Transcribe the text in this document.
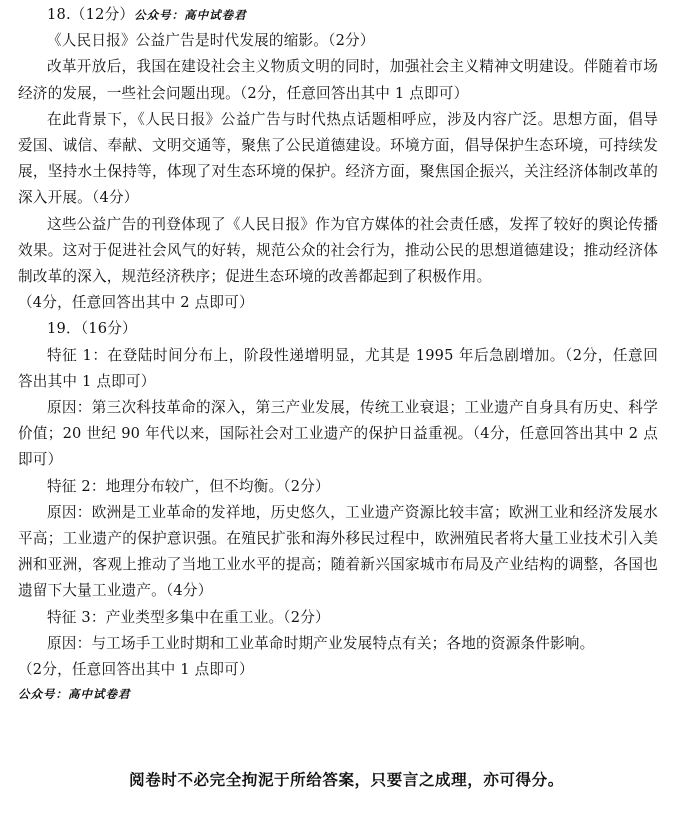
18.（12分）公众号：高中试卷君

《人民日报》公益广告是时代发展的缩影。（2分）

改革开放后，我国在建设社会主义物质文明的同时，加强社会主义精神文明建设。伴随着市场经济的发展，一些社会问题出现。（2分，任意回答出其中 1 点即可）

在此背景下，《人民日报》公益广告与时代热点话题相呼应，涉及内容广泛。思想方面，倡导爱国、诚信、奉献、文明交通等，聚焦了公民道德建设。环境方面，倡导保护生态环境，可持续发展，坚持水土保持等，体现了对生态环境的保护。经济方面，聚焦国企振兴，关注经济体制改革的深入开展。（4分）

这些公益广告的刊登体现了《人民日报》作为官方媒体的社会责任感，发挥了较好的舆论传播效果。这对于促进社会风气的好转，规范公众的社会行为，推动公民的思想道德建设；推动经济体制改革的深入，规范经济秩序；促进生态环境的改善都起到了积极作用。

（4分，任意回答出其中 2 点即可）

19．（16分）

特征 1：在登陆时间分布上，阶段性递增明显，尤其是 1995 年后急剧增加。（2分，任意回答出其中 1 点即可）

原因：第三次科技革命的深入，第三产业发展，传统工业衰退；工业遗产自身具有历史、科学价值；20 世纪 90 年代以来，国际社会对工业遗产的保护日益重视。（4分，任意回答出其中 2 点即可）

特征 2：地理分布较广，但不均衡。（2分）

原因：欧洲是工业革命的发祥地，历史悠久，工业遗产资源比较丰富；欧洲工业和经济发展水平高；工业遗产的保护意识强。在殖民扩张和海外移民过程中，欧洲殖民者将大量工业技术引入美洲和亚洲，客观上推动了当地工业水平的提高；随着新兴国家城市布局及产业结构的调整，各国也遗留下大量工业遗产。（4分）

特征 3：产业类型多集中在重工业。（2分）

原因：与工场手工业时期和工业革命时期产业发展特点有关；各地的资源条件影响。

（2分，任意回答出其中 1 点即可）

公众号：高中试卷君
阅卷时不必完全拘泥于所给答案，只要言之成理，亦可得分。
